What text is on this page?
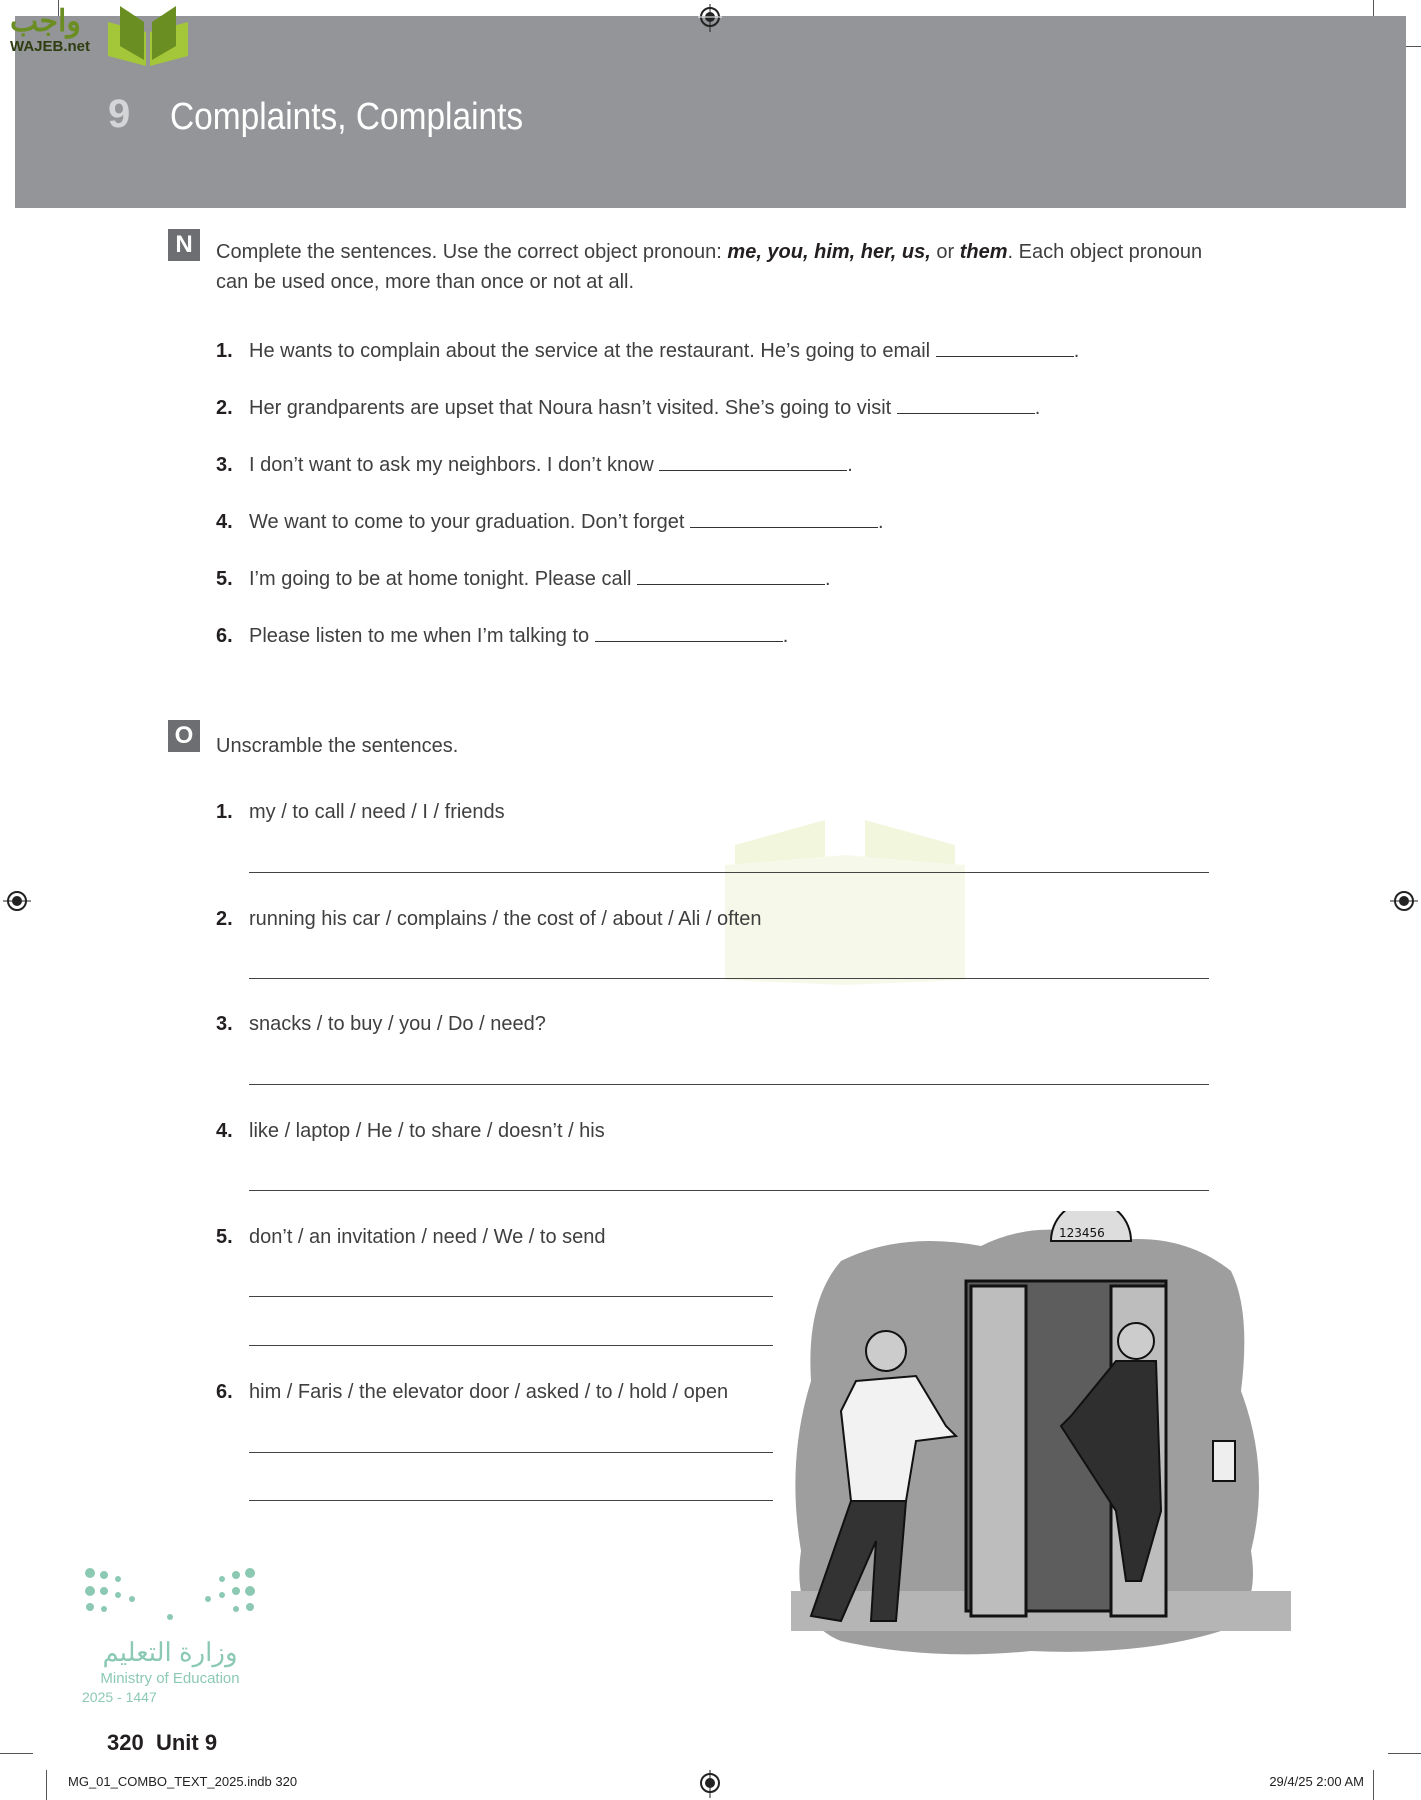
واجب
WAJEB.net
9 Complaints, Complaints
N	Complete the sentences. Use the correct object pronoun: me, you, him, her, us, or them. Each object pronoun can be used once, more than once or not at all.
1. He wants to complain about the service at the restaurant. He’s going to email	.
2. Her grandparents are upset that Noura hasn’t visited. She’s going to visit	.
3. I don’t want to ask my neighbors. I don’t know	.
4. We want to come to your graduation. Don’t forget	.
5. I’m going to be at home tonight. Please call	.
6. Please listen to me when I’m talking to	.
O	Unscramble the sentences.
1. my / to call / need / I / friends
2. running his car / complains / the cost of / about / Ali / often
3. snacks / to buy / you / Do / need?
4. like / laptop / He / to share / doesn’t / his
5. don’t / an invitation / need / We / to send
6. him / Faris / the elevator door / asked / to / hold / open
123456
وزارة التعليم
Ministry of Education
2025 - 1447
320 Unit 9
MG_01_COMBO_TEXT_2025.indb 320	29/4/25 2:00 AM
